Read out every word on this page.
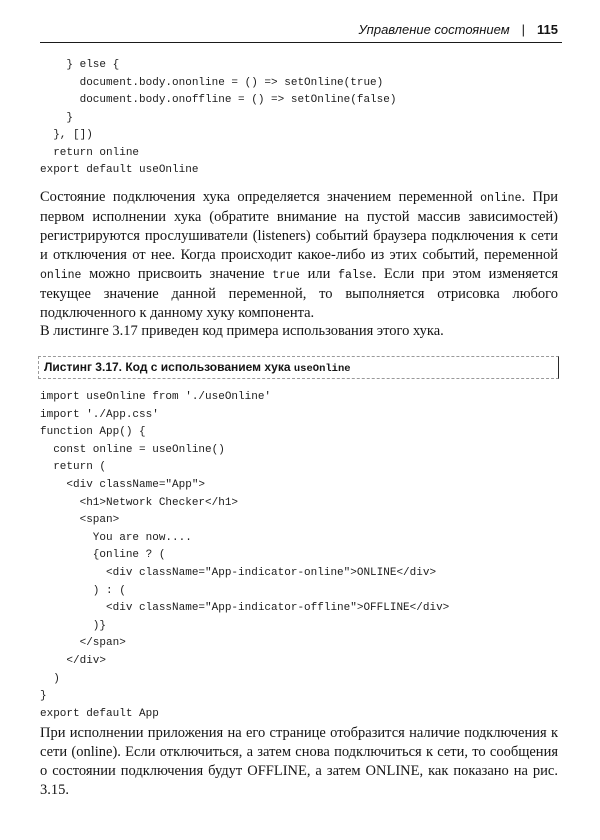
Управление состоянием | 115
} else {
document.body.ononline = () => setOnline(true)
document.body.onoffline = () => setOnline(false)
}
}, [])
return online
export default useOnline

Состояние подключения хука определяется значением переменной online. При первом исполнении хука (обратите внимание на пустой массив зависимостей) регистрируются прослушиватели (listeners) событий браузера подключения к сети и отключения от нее. Когда происходит какое-либо из этих событий, переменной online можно присвоить значение true или false. Если при этом изменяется текущее значение данной переменной, то выполняется отрисовка любого подключенного к данному хуку компонента.

В листинге 3.17 приведен код примера использования этого хука.

Листинг 3.17. Код с использованием хука useOnline
import useOnline from './useOnline'
import './App.css'
function App() {
const online = useOnline()
return (
<div className="App">
<h1>Network Checker</h1>
<span>
You are now....
{online ? (
<div className="App-indicator-online">ONLINE</div>
) : (
<div className="App-indicator-offline">OFFLINE</div>
)}
</span>
</div>
)
}
export default App

При исполнении приложения на его странице отобразится наличие подключения к сети (online). Если отключиться, а затем снова подключиться к сети, то сообщения о состоянии подключения будут OFFLINE, а затем ONLINE, как показано на рис. 3.15.
